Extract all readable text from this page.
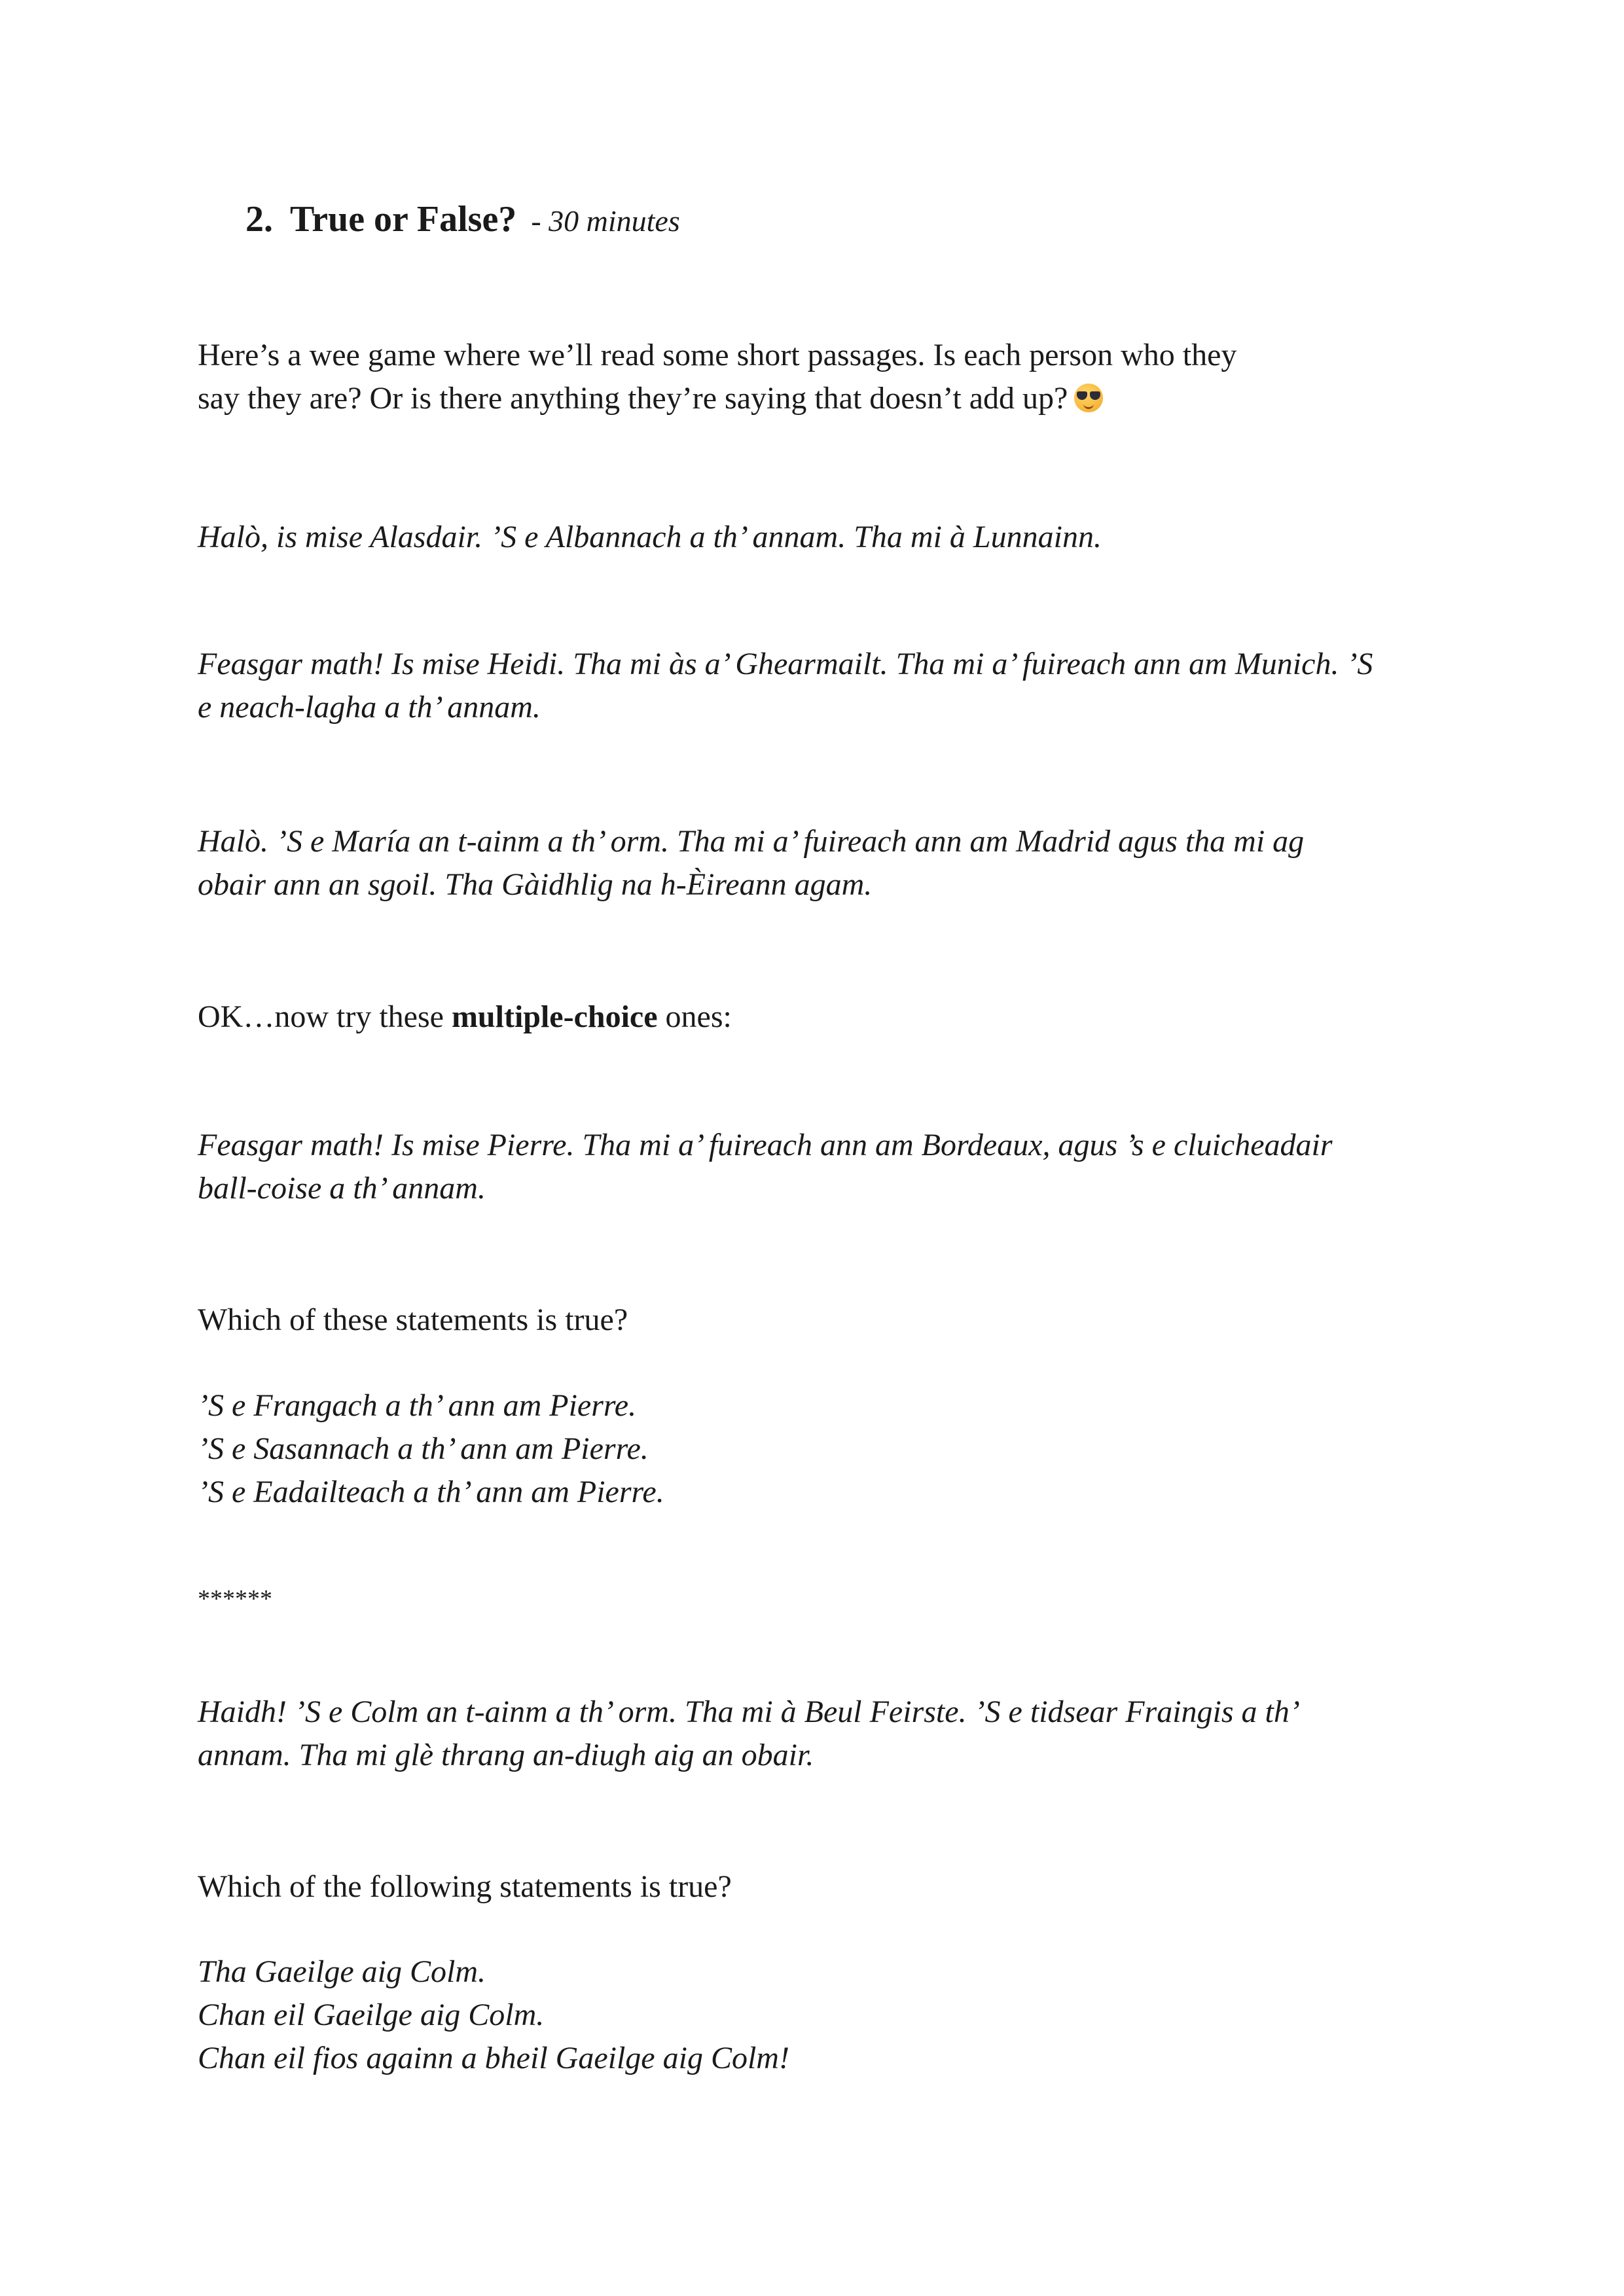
2. True or False? - 30 minutes

Here’s a wee game where we’ll read some short passages. Is each person who they
say they are? Or is there anything they’re saying that doesn’t add up?

Halò, is mise Alasdair. ’S e Albannach a th’ annam. Tha mi à Lunnainn.

Feasgar math! Is mise Heidi. Tha mi às a’ Ghearmailt. Tha mi a’ fuireach ann am Munich. ’S
e neach-lagha a th’ annam.

Halò. ’S e María an t-ainm a th’ orm. Tha mi a’ fuireach ann am Madrid agus tha mi ag
obair ann an sgoil. Tha Gàidhlig na h-Èireann agam.

OK…now try these multiple-choice ones:

Feasgar math! Is mise Pierre. Tha mi a’ fuireach ann am Bordeaux, agus ’s e cluicheadair
ball-coise a th’ annam.

Which of these statements is true?

’S e Frangach a th’ ann am Pierre.
’S e Sasannach a th’ ann am Pierre.
’S e Eadailteach a th’ ann am Pierre.

******

Haidh! ’S e Colm an t-ainm a th’ orm. Tha mi à Beul Feirste. ’S e tidsear Fraingis a th’
annam. Tha mi glè thrang an-diugh aig an obair.

Which of the following statements is true?

Tha Gaeilge aig Colm.
Chan eil Gaeilge aig Colm.
Chan eil fios againn a bheil Gaeilge aig Colm!
